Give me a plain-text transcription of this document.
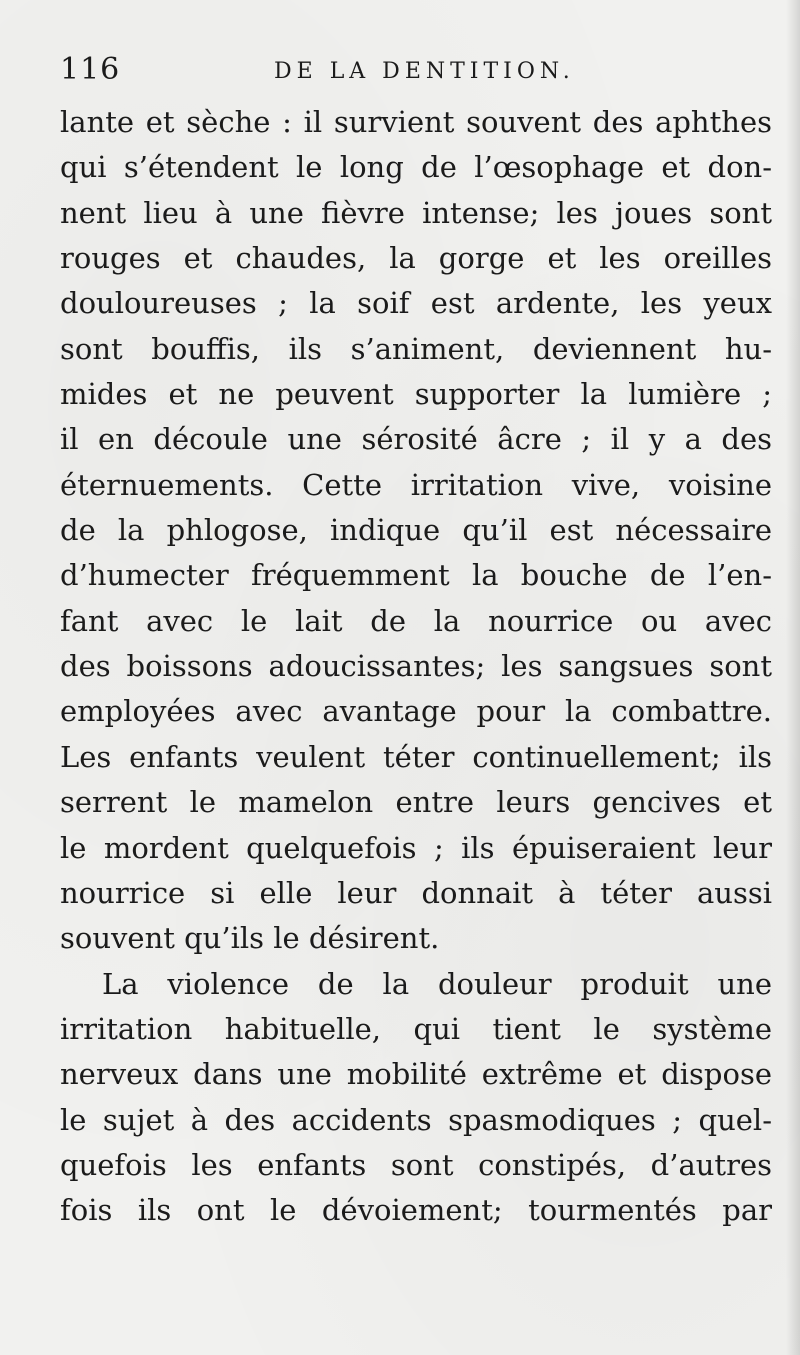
116	DE LA DENTITION.
lante et sèche : il survient souvent des aphthes
qui s’étendent le long de l’œsophage et don-
nent lieu à une fièvre intense; les joues sont
rouges et chaudes, la gorge et les oreilles
douloureuses ; la soif est ardente, les yeux
sont bouffis, ils s’animent, deviennent hu-
mides et ne peuvent supporter la lumière ;
il en découle une sérosité âcre ; il y a des
éternuements. Cette irritation vive, voisine
de la phlogose, indique qu’il est nécessaire
d’humecter fréquemment la bouche de l’en-
fant avec le lait de la nourrice ou avec
des boissons adoucissantes; les sangsues sont
employées avec avantage pour la combattre.
Les enfants veulent téter continuellement; ils
serrent le mamelon entre leurs gencives et
le mordent quelquefois ; ils épuiseraient leur
nourrice si elle leur donnait à téter aussi
souvent qu’ils le désirent.
La violence de la douleur produit une
irritation habituelle, qui tient le système
nerveux dans une mobilité extrême et dispose
le sujet à des accidents spasmodiques ; quel-
quefois les enfants sont constipés, d’autres
fois ils ont le dévoiement; tourmentés par
